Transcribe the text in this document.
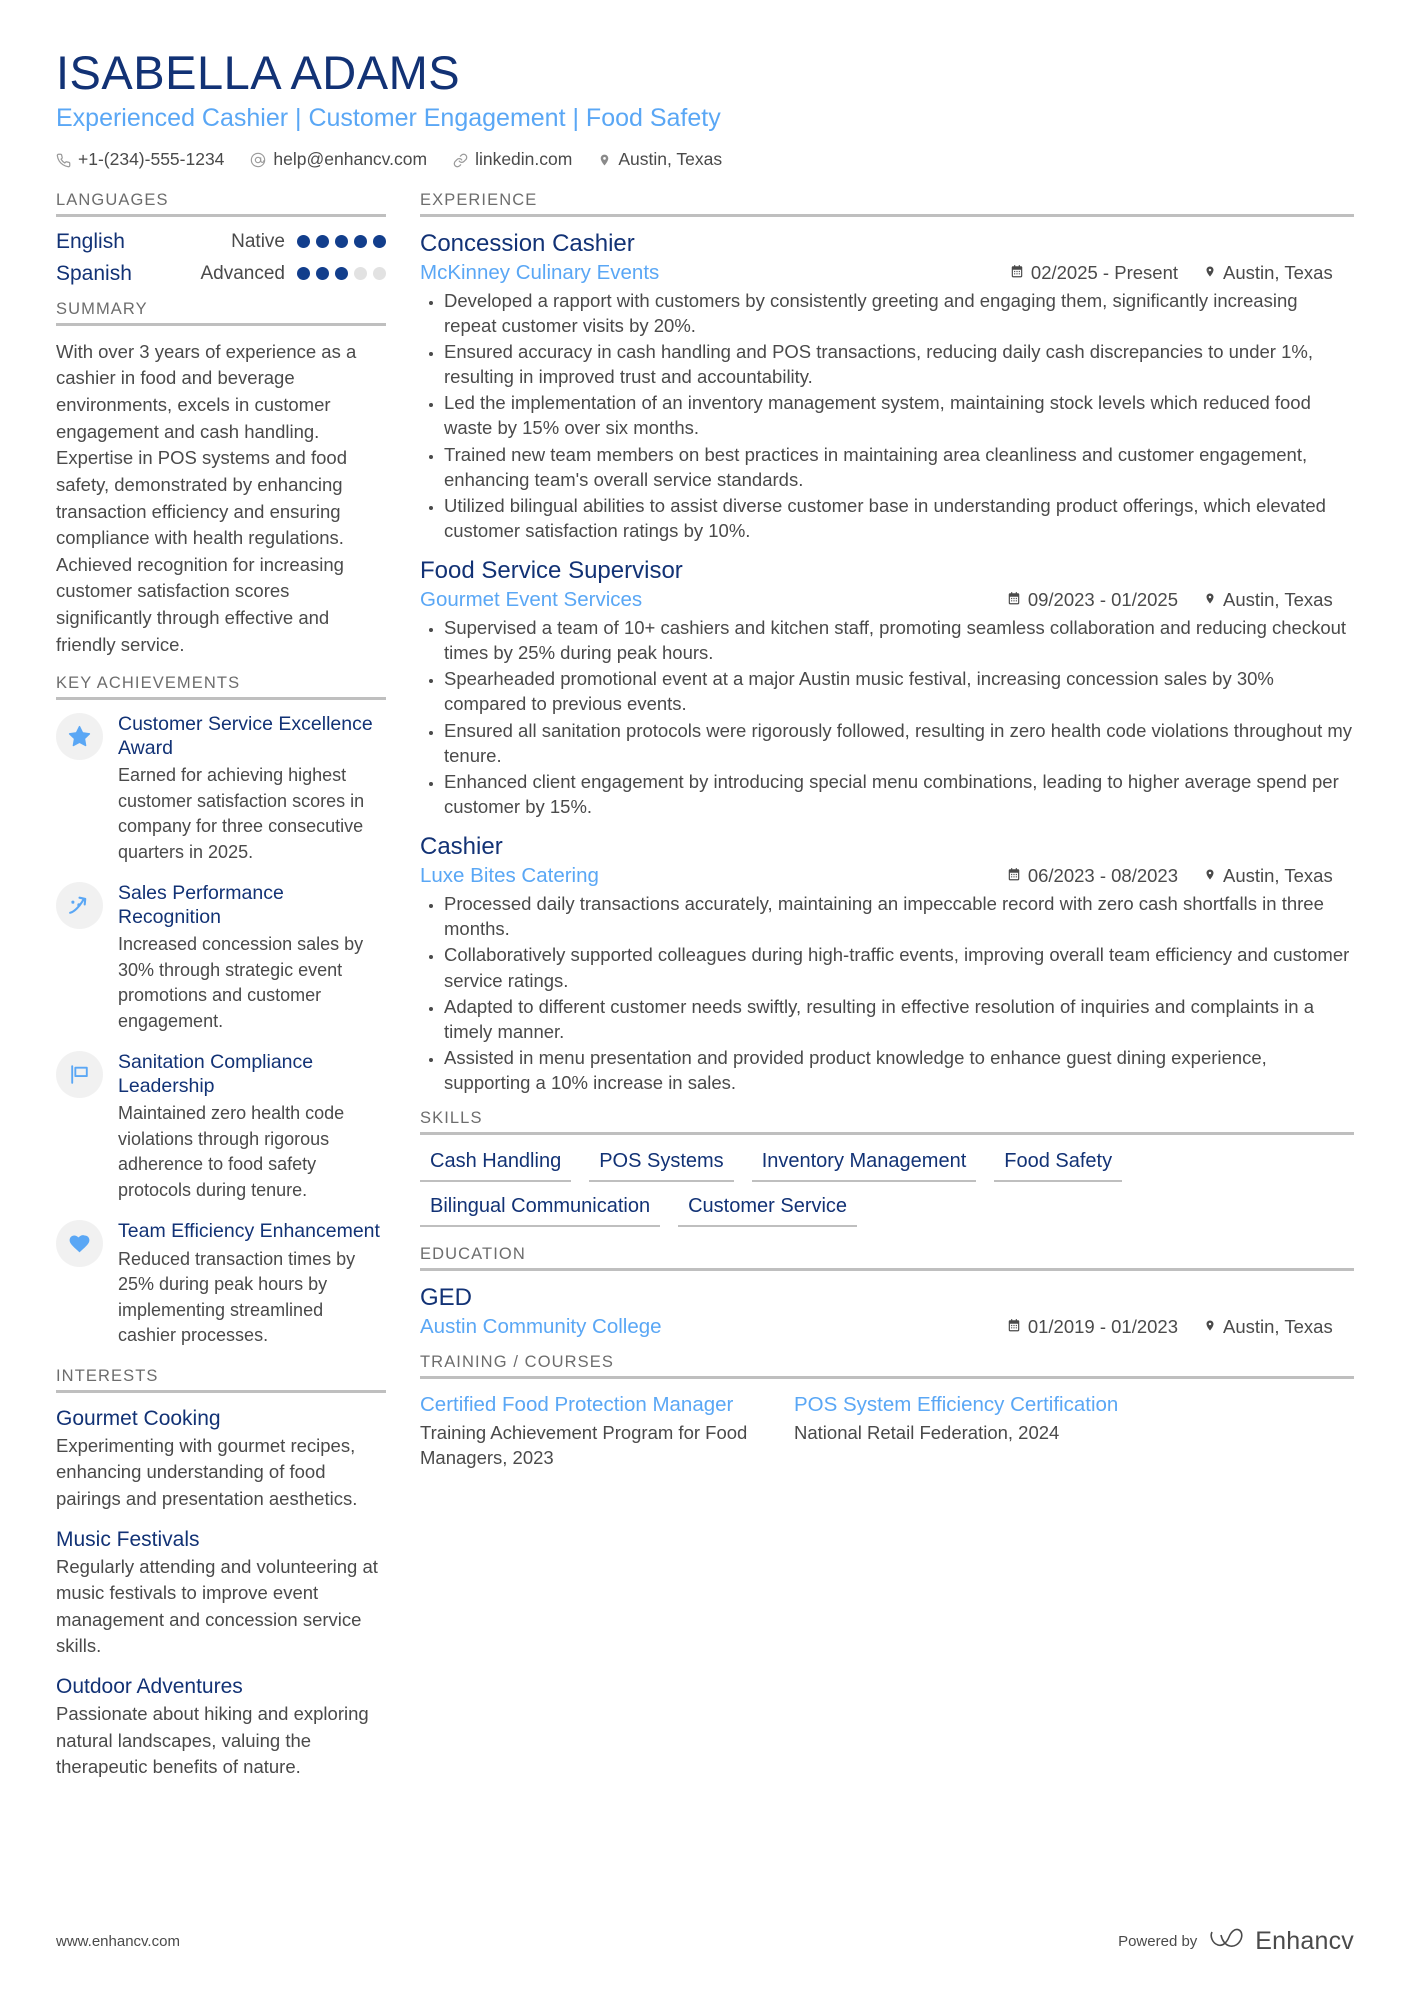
ISABELLA ADAMS
Experienced Cashier | Customer Engagement | Food Safety
+1-(234)-555-1234	help@enhancv.com	linkedin.com	Austin, Texas
LANGUAGES
English	Native
Spanish	Advanced
SUMMARY
With over 3 years of experience as a cashier in food and beverage environments, excels in customer engagement and cash handling. Expertise in POS systems and food safety, demonstrated by enhancing transaction efficiency and ensuring compliance with health regulations. Achieved recognition for increasing customer satisfaction scores significantly through effective and friendly service.
KEY ACHIEVEMENTS
Customer Service Excellence Award
Earned for achieving highest customer satisfaction scores in company for three consecutive quarters in 2025.
Sales Performance Recognition
Increased concession sales by 30% through strategic event promotions and customer engagement.
Sanitation Compliance Leadership
Maintained zero health code violations through rigorous adherence to food safety protocols during tenure.
Team Efficiency Enhancement
Reduced transaction times by 25% during peak hours by implementing streamlined cashier processes.
INTERESTS
Gourmet Cooking
Experimenting with gourmet recipes, enhancing understanding of food pairings and presentation aesthetics.
Music Festivals
Regularly attending and volunteering at music festivals to improve event management and concession service skills.
Outdoor Adventures
Passionate about hiking and exploring natural landscapes, valuing the therapeutic benefits of nature.
EXPERIENCE
Concession Cashier
McKinney Culinary Events	02/2025 - Present Austin, Texas
• Developed a rapport with customers by consistently greeting and engaging them, significantly increasing repeat customer visits by 20%.
• Ensured accuracy in cash handling and POS transactions, reducing daily cash discrepancies to under 1%, resulting in improved trust and accountability.
• Led the implementation of an inventory management system, maintaining stock levels which reduced food waste by 15% over six months.
• Trained new team members on best practices in maintaining area cleanliness and customer engagement, enhancing team's overall service standards.
• Utilized bilingual abilities to assist diverse customer base in understanding product offerings, which elevated customer satisfaction ratings by 10%.
Food Service Supervisor
Gourmet Event Services	09/2023 - 01/2025 Austin, Texas
• Supervised a team of 10+ cashiers and kitchen staff, promoting seamless collaboration and reducing checkout times by 25% during peak hours.
• Spearheaded promotional event at a major Austin music festival, increasing concession sales by 30% compared to previous events.
• Ensured all sanitation protocols were rigorously followed, resulting in zero health code violations throughout my tenure.
• Enhanced client engagement by introducing special menu combinations, leading to higher average spend per customer by 15%.
Cashier
Luxe Bites Catering	06/2023 - 08/2023 Austin, Texas
• Processed daily transactions accurately, maintaining an impeccable record with zero cash shortfalls in three months.
• Collaboratively supported colleagues during high-traffic events, improving overall team efficiency and customer service ratings.
• Adapted to different customer needs swiftly, resulting in effective resolution of inquiries and complaints in a timely manner.
• Assisted in menu presentation and provided product knowledge to enhance guest dining experience, supporting a 10% increase in sales.
SKILLS
Cash Handling	POS Systems	Inventory Management	Food Safety
Bilingual Communication	Customer Service
EDUCATION
GED
Austin Community College	01/2019 - 01/2023 Austin, Texas
TRAINING / COURSES
Certified Food Protection Manager
Training Achievement Program for Food Managers, 2023
POS System Efficiency Certification
National Retail Federation, 2024
www.enhancv.com	Powered by Enhancv
